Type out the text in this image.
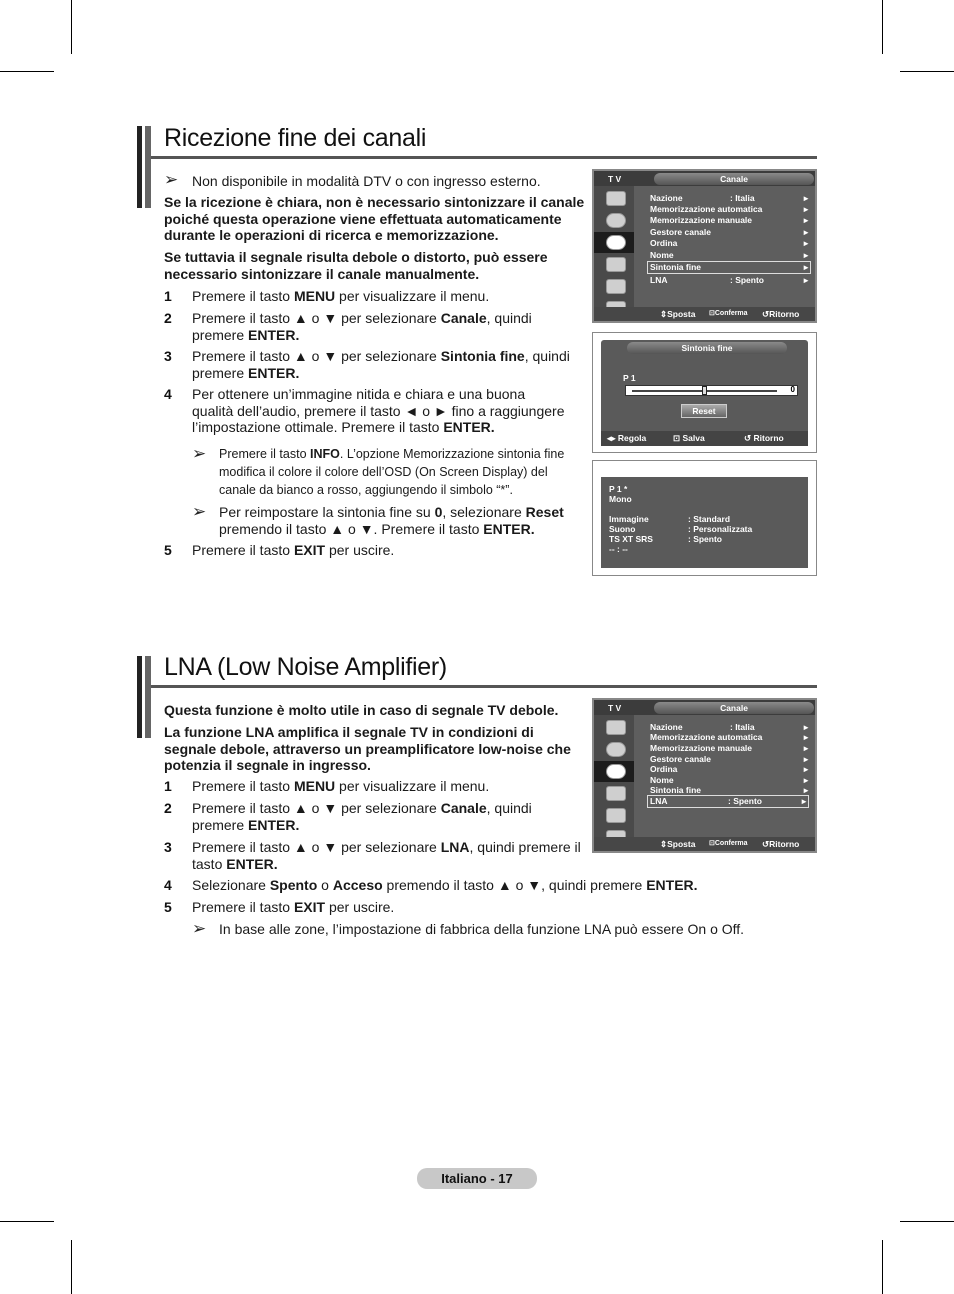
Ricezione fine dei canali
➢ Non disponibile in modalità DTV o con ingresso esterno.
Se la ricezione è chiara, non è necessario sintonizzare il canale poiché questa operazione viene effettuata automaticamente durante le operazioni di ricerca e memorizzazione.
Se tuttavia il segnale risulta debole o distorto, può essere necessario sintonizzare il canale manualmente.
1 Premere il tasto MENU per visualizzare il menu.
2 Premere il tasto ▲ o ▼ per selezionare Canale, quindi
premere ENTER.
3 Premere il tasto ▲ o ▼ per selezionare Sintonia fine, quindi
premere ENTER.
4 Per ottenere un’immagine nitida e chiara e una buona
qualità dell’audio, premere il tasto ◄ o ► fino a raggiungere
l’impostazione ottimale. Premere il tasto ENTER.
➢ Premere il tasto INFO. L’opzione Memorizzazione sintonia fine
modifica il colore il colore dell’OSD (On Screen Display) del
canale da bianco a rosso, aggiungendo il simbolo “*”.
➢ Per reimpostare la sintonia fine su 0, selezionare Reset
premendo il tasto ▲ o ▼. Premere il tasto ENTER.
5 Premere il tasto EXIT per uscire.
T V	Canale
Nazione	: Italia	►
Memorizzazione automatica	►
Memorizzazione manuale	►
Gestore canale	►
Ordina	►
Nome	►
Sintonia fine	►
LNA	: Spento	►
⇕ Sposta ⊡ Conferma ↺ Ritorno
Sintonia fine
P 1
0
Reset
◂▸ Regola	⊡ Salva	↺ Ritorno
P 1 *
Mono
Immagine	: Standard
Suono	: Personalizzata
TS XT SRS	: Spento
-- : --
LNA (Low Noise Amplifier)
Questa funzione è molto utile in caso di segnale TV debole.
La funzione LNA amplifica il segnale TV in condizioni di segnale debole, attraverso un preamplificatore low-noise che potenzia il segnale in ingresso.
1 Premere il tasto MENU per visualizzare il menu.
2 Premere il tasto ▲ o ▼ per selezionare Canale, quindi
premere ENTER.
3 Premere il tasto ▲ o ▼ per selezionare LNA, quindi premere il
tasto ENTER.
4 Selezionare Spento o Acceso premendo il tasto ▲ o ▼, quindi premere ENTER.
5 Premere il tasto EXIT per uscire.
➢ In base alle zone, l’impostazione di fabbrica della funzione LNA può essere On o Off.
T V	Canale
Nazione	: Italia	►
Memorizzazione automatica	►
Memorizzazione manuale	►
Gestore canale	►
Ordina	►
Nome	►
Sintonia fine	►
LNA	: Spento	►
⇕ Sposta ⊡ Conferma ↺ Ritorno
Italiano - 17
